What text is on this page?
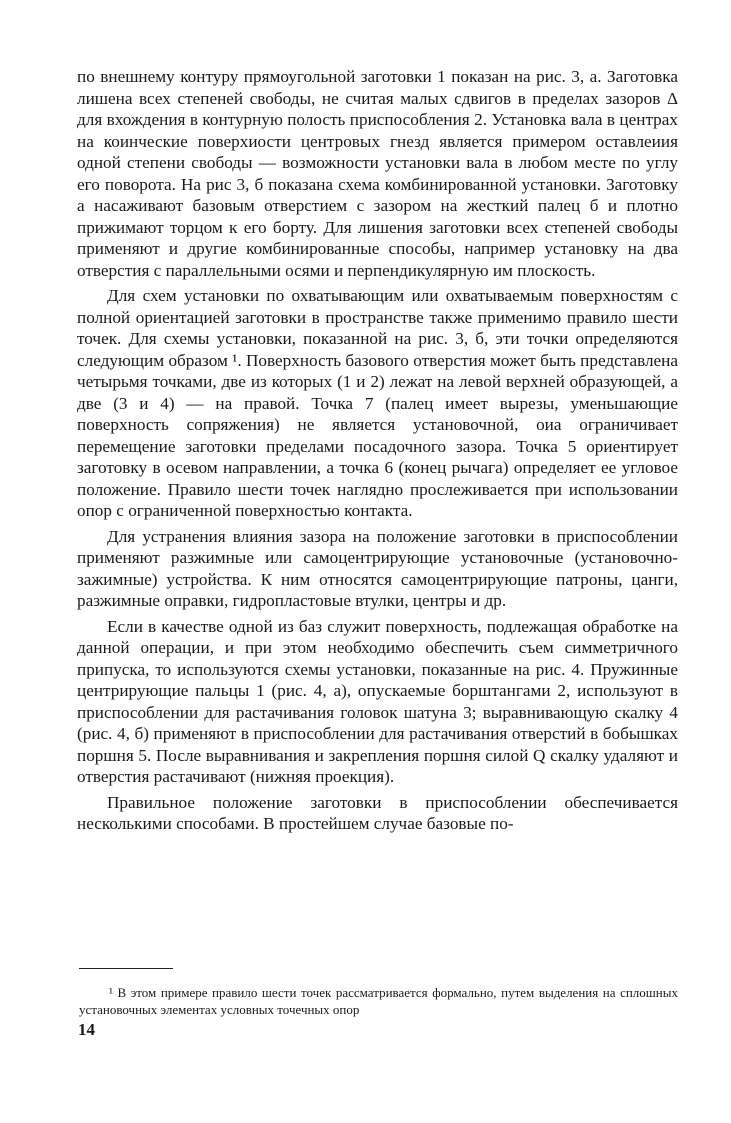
по внешнему контуру прямоугольной заготовки 1 показан на рис. 3, а. Заготовка лишена всех степеней свободы, не считая малых сдвигов в пределах зазоров Δ для вхождения в контурную полость приспособления 2. Установка вала в центрах на коинческие поверхиости центровых гнезд является примером оставлеиия одной степени свободы — возможности установки вала в любом месте по углу его поворота. На рис 3, б показана схема комбинированной установки. Заготовку а насаживают базовым отверстием с зазором на жесткий палец б и плотно прижимают торцом к его борту. Для лишения заготовки всех степеней свободы применяют и другие комбинированные способы, например установку на два отверстия с параллельными осями и перпендикулярную им плоскость.

Для схем установки по охватывающим или охватываемым поверхностям с полной ориентацией заготовки в пространстве также применимо правило шести точек. Для схемы установки, показанной на рис. 3, б, эти точки определяются следующим образом ¹. Поверхность базового отверстия может быть представлена четырьмя точками, две из которых (1 и 2) лежат на левой верхней образующей, а две (3 и 4) — на правой. Точка 7 (палец имеет вырезы, уменьшающие поверхность сопряжения) не является установочной, оиа ограничивает перемещение заготовки пределами посадочного зазора. Точка 5 ориентирует заготовку в осевом направлении, а точка 6 (конец рычага) определяет ее угловое положение. Правило шести точек наглядно прослеживается при использовании опор с ограниченной поверхностью контакта.

Для устранения влияния зазора на положение заготовки в приспособлении применяют разжимные или самоцентрирующие установочные (установочно-зажимные) устройства. К ним относятся самоцентрирующие патроны, цанги, разжимные оправки, гидропластовые втулки, центры и др.

Если в качестве одной из баз служит поверхность, подлежащая обработке на данной операции, и при этом необходимо обеспечить съем симметричного припуска, то используются схемы установки, показанные на рис. 4. Пружинные центрирующие пальцы 1 (рис. 4, а), опускаемые борштангами 2, используют в приспособлении для растачивания головок шатуна 3; выравнивающую скалку 4 (рис. 4, б) применяют в приспособлении для растачивания отверстий в бобышках поршня 5. После выравнивания и закрепления поршня силой Q скалку удаляют и отверстия растачивают (нижняя проекция).

Правильное положение заготовки в приспособлении обеспечивается несколькими способами. В простейшем случае базовые по-

¹ В этом примере правило шести точек рассматривается формально, путем выделения на сплошных установочных элементах условных точечных опор
14
